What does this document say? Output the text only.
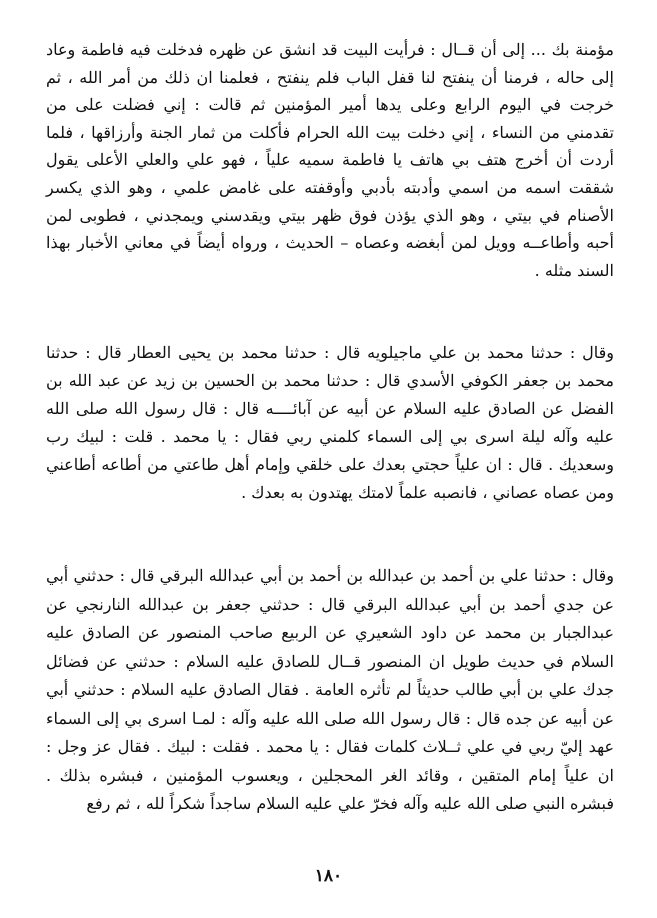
مؤمنة بك ... إلى أن قــال : فرأيت البيت قد انشق عن ظهره فدخلت فيه فاطمة وعاد إلى حاله ، فرمنا أن ينفتح لنا قفل الباب فلم ينفتح ، فعلمنا ان ذلك من أمر الله ، ثم خرجت في اليوم الرابع وعلى يدها أمير المؤمنين ثم قالت : إني فضلت على من تقدمني من النساء ، إني دخلت بيت الله الحرام فأكلت من ثمار الجنة وأرزاقها ، فلما أردت أن أخرج هتف بي هاتف يا فاطمة سميه علياً ، فهو علي والعلي الأعلى يقول شققت اسمه من اسمي وأدبته بأدبي وأوقفته على غامض علمي ، وهو الذي يكسر الأصنام في بيتي ، وهو الذي يؤذن فوق ظهر بيتي ويقدسني ويمجدني ، فطوبى لمن أحبه وأطاعــه وويل لمن أبغضه وعصاه – الحديث ، ورواه أيضاً في معاني الأخبار بهذا السند مثله .

وقال : حدثنا محمد بن علي ماجيلويه قال : حدثنا محمد بن يحيى العطار قال : حدثنا محمد بن جعفر الكوفي الأسدي قال : حدثنا محمد بن الحسين بن زيد عن عبد الله بن الفضل عن الصادق عليه السلام عن أبيه عن آبائــــه قال : قال رسول الله صلى الله عليه وآله لیلة اسرى بي إلى السماء كلمني ربي فقال : يا محمد . قلت : لبيك رب وسعديك . قال : ان علياً حجتي بعدك على خلقي وإمام أهل طاعتي من أطاعه أطاعني ومن عصاه عصاني ، فانصبه علماً لامتك يهتدون به بعدك .

وقال : حدثنا علي بن أحمد بن عبدالله بن أحمد بن أبي عبدالله البرقي قال : حدثني أبي عن جدي أحمد بن أبي عبدالله البرقي قال : حدثني جعفر بن عبدالله النارنجي عن عبدالجبار بن محمد عن داود الشعيري عن الربيع صاحب المنصور عن الصادق عليه السلام في حديث طويل ان المنصور قــال للصادق عليه السلام : حدثني عن فضائل جدك علي بن أبي طالب حديثاً لم تأثره العامة . فقال الصادق عليه السلام : حدثني أبي عن أبيه عن جده قال : قال رسول الله صلى الله عليه وآله : لمـا اسرى بي إلى السماء عهد إليّ ربي في علي ثــلاث كلمات فقال : يا محمد . فقلت : لبيك . فقال عز وجل : ان علياً إمام المتقين ، وقائد الغر المحجلين ، ويعسوب المؤمنين ، فبشره بذلك . فبشره النبي صلى الله عليه وآله فخرّ علي عليه السلام ساجداً شكراً لله ، ثم رفع

١٨٠
